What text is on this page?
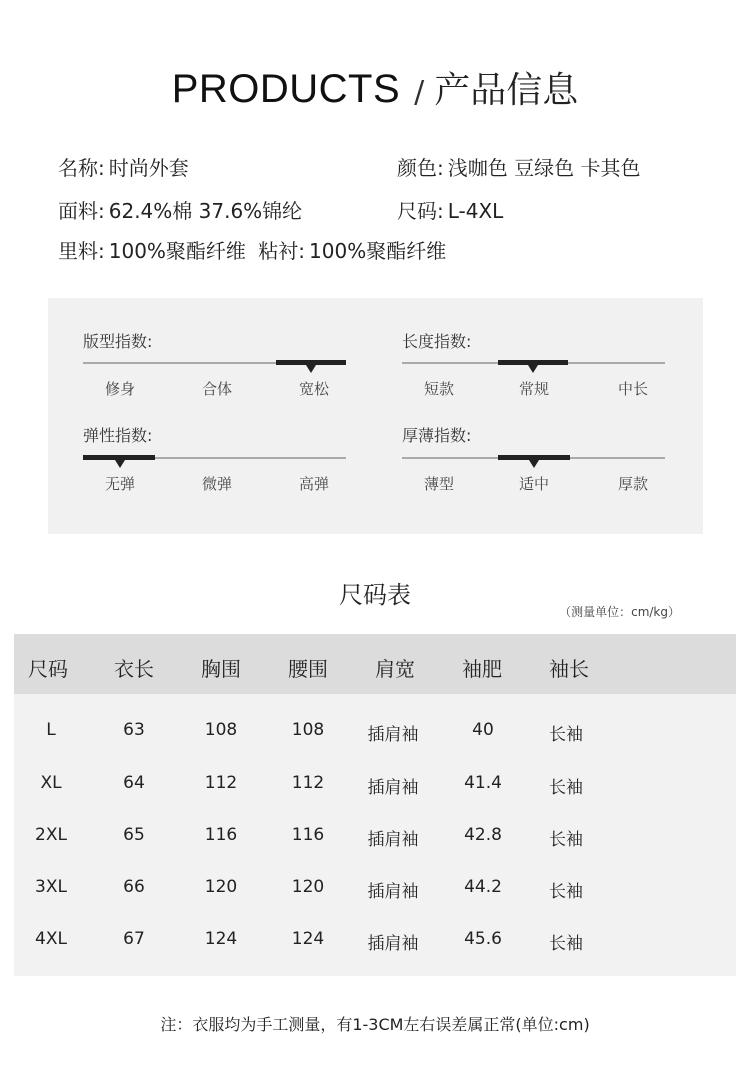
PRODUCTS / 产品信息
名称: 时尚外套	颜色: 浅咖色 豆绿色 卡其色
面料: 62.4%棉 37.6%锦纶	尺码: L-4XL
里料: 100%聚酯纤维 粘衬: 100%聚酯纤维
版型指数:
修身	合体	宽松
长度指数:
短款	常规	中长
弹性指数:
无弹	微弹	高弹
厚薄指数:
薄型	适中	厚款
尺码表
（测量单位：cm/kg）
尺码	衣长	胸围	腰围	肩宽	袖肥	袖长
L	63	108	108	插肩袖	40	长袖
XL	64	112	112	插肩袖	41.4	长袖
2XL	65	116	116	插肩袖	42.8	长袖
3XL	66	120	120	插肩袖	44.2	长袖
4XL	67	124	124	插肩袖	45.6	长袖
注：衣服均为手工测量，有1-3CM左右误差属正常(单位:cm)
